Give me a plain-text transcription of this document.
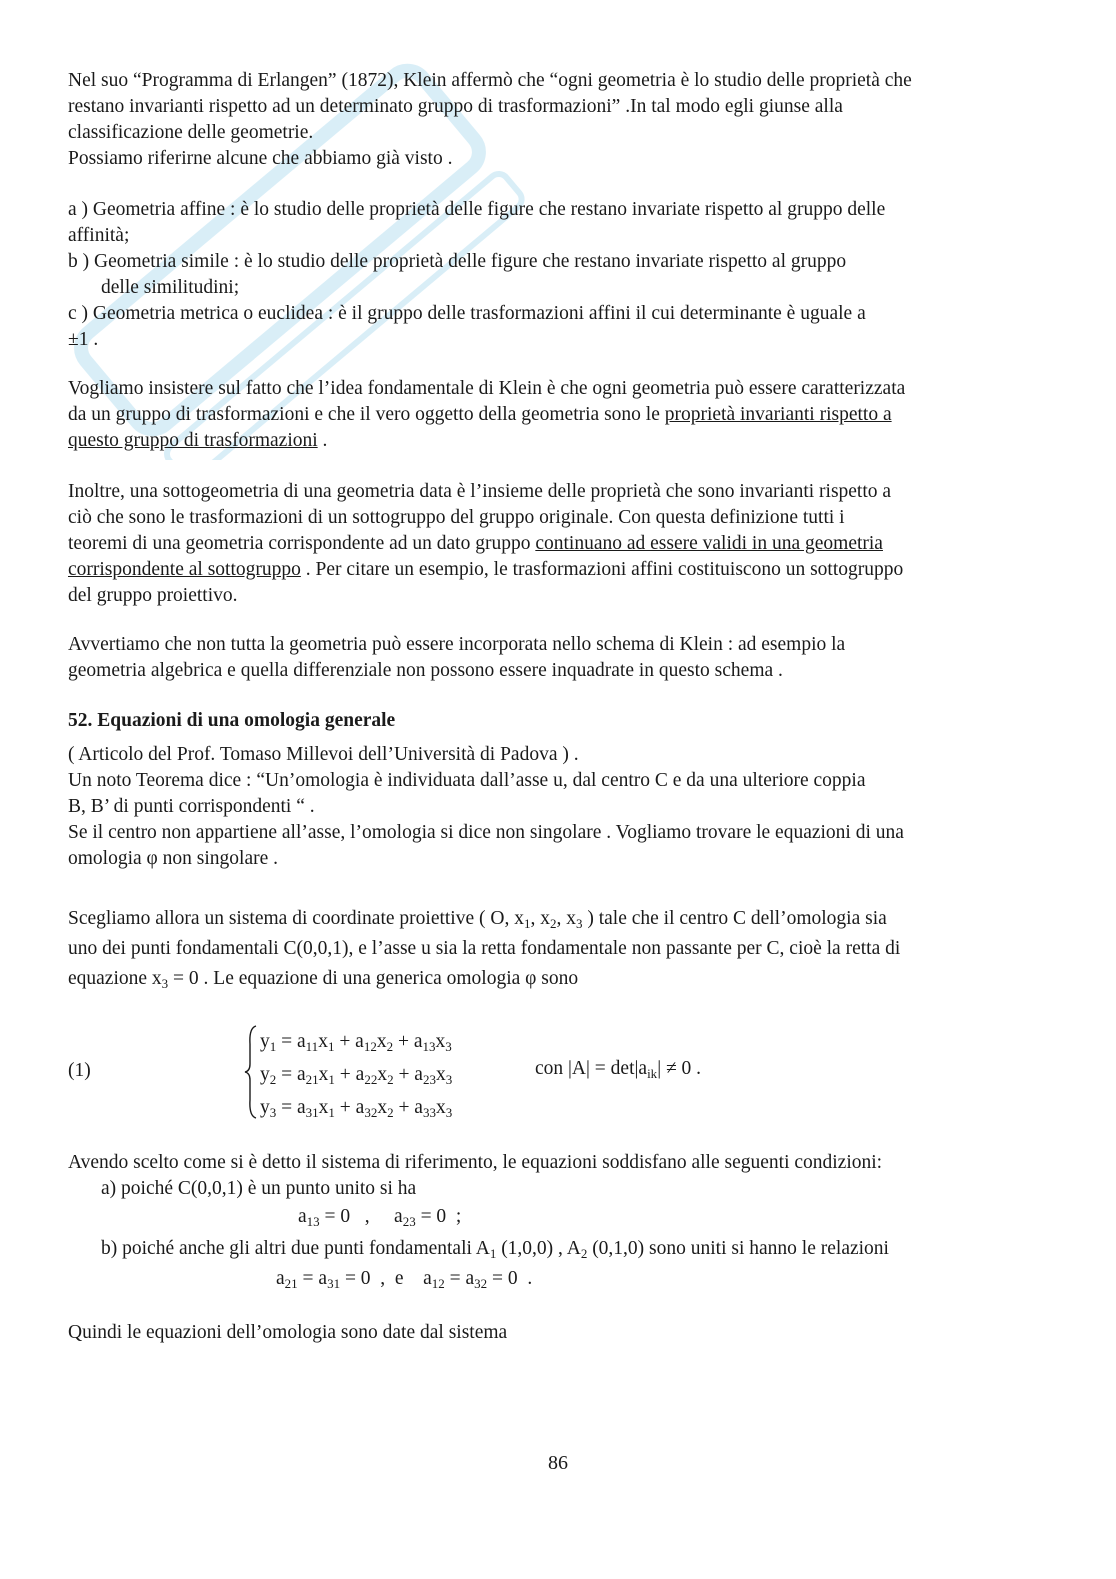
Nel suo “Programma di Erlangen” (1872), Klein affermò che “ogni geometria è lo studio delle proprietà che
restano invarianti rispetto ad un determinato gruppo di trasformazioni” .In tal modo egli giunse alla
classificazione delle geometrie.
Possiamo riferirne alcune che abbiamo già visto .
a ) Geometria affine : è lo studio delle proprietà delle figure che restano invariate rispetto al gruppo delle
affinità;
b ) Geometria simile : è lo studio delle proprietà delle figure che restano invariate rispetto al gruppo
delle similitudini;
c ) Geometria metrica o euclidea : è il gruppo delle trasformazioni affini il cui determinante è uguale a
±1 .
Vogliamo insistere sul fatto che l’idea fondamentale di Klein è che ogni geometria può essere caratterizzata
da un gruppo di trasformazioni e che il vero oggetto della geometria sono le proprietà invarianti rispetto a
questo gruppo di trasformazioni .
Inoltre, una sottogeometria di una geometria data è l’insieme delle proprietà che sono invarianti rispetto a
ciò che sono le trasformazioni di un sottogruppo del gruppo originale. Con questa definizione tutti i
teoremi di una geometria corrispondente ad un dato gruppo continuano ad essere validi in una geometria
corrispondente al sottogruppo . Per citare un esempio, le trasformazioni affini costituiscono un sottogruppo
del gruppo proiettivo.
Avvertiamo che non tutta la geometria può essere incorporata nello schema di Klein : ad esempio la
geometria algebrica e quella differenziale non possono essere inquadrate in questo schema .
52. Equazioni di una omologia generale
( Articolo del Prof. Tomaso Millevoi dell’Università di Padova ) .
Un noto Teorema dice : “Un’omologia è individuata dall’asse u, dal centro C e da una ulteriore coppia
B, B’ di punti corrispondenti “ .
Se il centro non appartiene all’asse, l’omologia si dice non singolare . Vogliamo trovare le equazioni di una
omologia φ non singolare .
Scegliamo allora un sistema di coordinate proiettive ( O, $x_1$, $x_2$, $x_3$ ) tale che il centro C dell’omologia sia
uno dei punti fondamentali C(0,0,1), e l’asse u sia la retta fondamentale non passante per C, cioè la retta di
equazione $x_3 = 0$ . Le equazione di una generica omologia φ sono
(1)
$y_1 = a_{11}x_1 + a_{12}x_2 + a_{13}x_3$
$y_2 = a_{21}x_1 + a_{22}x_2 + a_{23}x_3$
$y_3 = a_{31}x_1 + a_{32}x_2 + a_{33}x_3$
con $|A| = \det|a_{ik}| \ne 0$ .
Avendo scelto come si è detto il sistema di riferimento, le equazioni soddisfano alle seguenti condizioni:
a) poiché C(0,0,1) è un punto unito si ha
$a_{13} = 0$   ,     $a_{23} = 0$  ;
b) poiché anche gli altri due punti fondamentali $A_1$ (1,0,0) , $A_2$ (0,1,0) sono uniti si hanno le relazioni
$a_{21} = a_{31} = 0$  ,  e    $a_{12} = a_{32} = 0$  .
Quindi le equazioni dell’omologia sono date dal sistema
86
